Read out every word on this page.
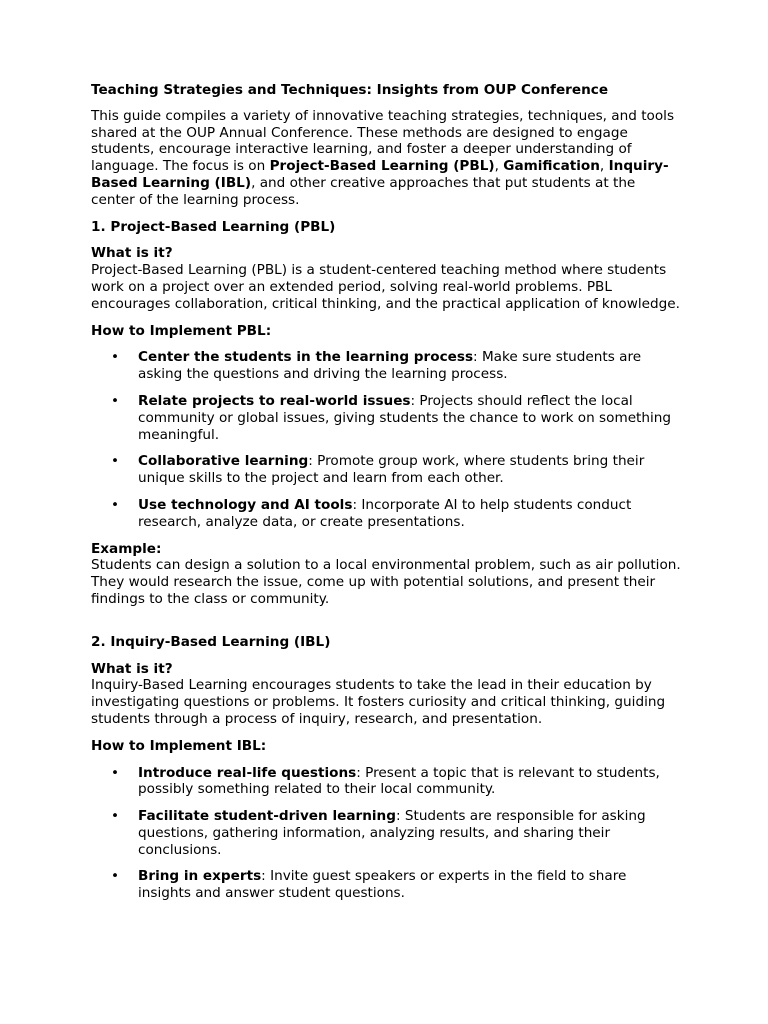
Teaching Strategies and Techniques: Insights from OUP Conference

This guide compiles a variety of innovative teaching strategies, techniques, and tools shared at the OUP Annual Conference. These methods are designed to engage students, encourage interactive learning, and foster a deeper understanding of language. The focus is on Project-Based Learning (PBL), Gamification, Inquiry-Based Learning (IBL), and other creative approaches that put students at the center of the learning process.

1. Project-Based Learning (PBL)

What is it?

Project-Based Learning (PBL) is a student-centered teaching method where students work on a project over an extended period, solving real-world problems. PBL encourages collaboration, critical thinking, and the practical application of knowledge.

How to Implement PBL:

• Center the students in the learning process: Make sure students are asking the questions and driving the learning process.
• Relate projects to real-world issues: Projects should reflect the local community or global issues, giving students the chance to work on something meaningful.
• Collaborative learning: Promote group work, where students bring their unique skills to the project and learn from each other.
• Use technology and AI tools: Incorporate AI to help students conduct research, analyze data, or create presentations.

Example:

Students can design a solution to a local environmental problem, such as air pollution. They would research the issue, come up with potential solutions, and present their findings to the class or community.

2. Inquiry-Based Learning (IBL)

What is it?

Inquiry-Based Learning encourages students to take the lead in their education by investigating questions or problems. It fosters curiosity and critical thinking, guiding students through a process of inquiry, research, and presentation.

How to Implement IBL:

• Introduce real-life questions: Present a topic that is relevant to students, possibly something related to their local community.
• Facilitate student-driven learning: Students are responsible for asking questions, gathering information, analyzing results, and sharing their conclusions.
• Bring in experts: Invite guest speakers or experts in the field to share insights and answer student questions.
